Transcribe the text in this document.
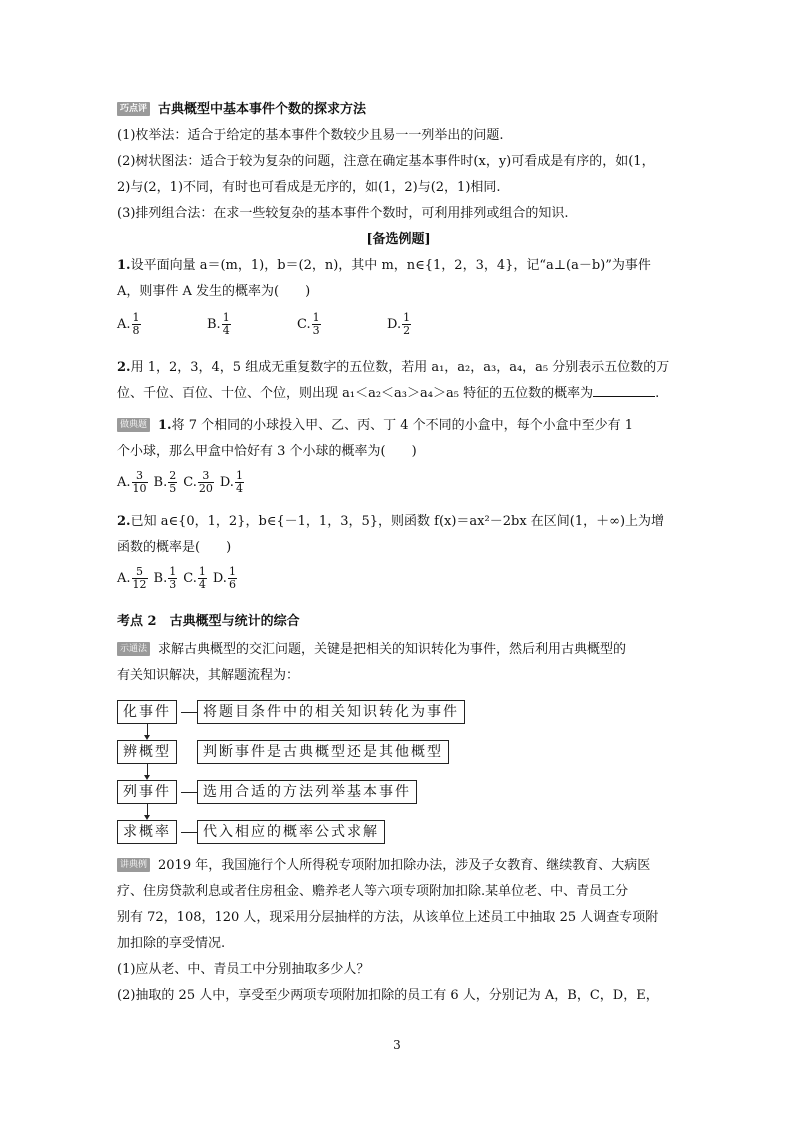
巧点评 古典概型中基本事件个数的探求方法
(1)枚举法：适合于给定的基本事件个数较少且易一一列举出的问题.
(2)树状图法：适合于较为复杂的问题，注意在确定基本事件时(x，y)可看成是有序的，如(1，
2)与(2，1)不同，有时也可看成是无序的，如(1，2)与(2，1)相同.
(3)排列组合法：在求一些较复杂的基本事件个数时，可利用排列或组合的知识.
[备选例题]
1.设平面向量 a＝(m，1)，b＝(2，n)，其中 m，n∈{1，2，3，4}，记“a⊥(a－b)”为事件
A，则事件 A 发生的概率为(　　)
A. $\frac{1}{8}$	B. $\frac{1}{4}$	C. $\frac{1}{3}$	D. $\frac{1}{2}$
2.用 1，2，3，4，5 组成无重复数字的五位数，若用 a₁，a₂，a₃，a₄，a₅ 分别表示五位数的万
位、千位、百位、十位、个位，则出现 a₁＜a₂＜a₃＞a₄＞a₅ 特征的五位数的概率为	.
做典题 1.将 7 个相同的小球投入甲、乙、丙、丁 4 个不同的小盒中，每个小盒中至少有 1
个小球，那么甲盒中恰好有 3 个小球的概率为(　　)
A. $\frac{3}{10} B$. $\frac{2}{5} C$. $\frac{3}{20} D$. $\frac{1}{4}$
2.已知 a∈{0，1，2}，b∈{－1，1，3，5}，则函数 f(x)＝ax²－2bx 在区间(1，＋∞)上为增
函数的概率是(　　)
A. $\frac{5}{12} B$. $\frac{1}{3} C$. $\frac{1}{4} D$. $\frac{1}{6}$
考点 2　古典概型与统计的综合
示通法 求解古典概型的交汇问题，关键是把相关的知识转化为事件，然后利用古典概型的
有关知识解决，其解题流程为：
化事件	将题目条件中的相关知识转化为事件
辨概型	判断事件是古典概型还是其他概型
列事件	选用合适的方法列举基本事件
求概率	代入相应的概率公式求解
讲典例 2019 年，我国施行个人所得税专项附加扣除办法，涉及子女教育、继续教育、大病医
疗、住房贷款利息或者住房租金、赡养老人等六项专项附加扣除.某单位老、中、青员工分
别有 72，108，120 人，现采用分层抽样的方法，从该单位上述员工中抽取 25 人调查专项附
加扣除的享受情况.
(1)应从老、中、青员工中分别抽取多少人？
(2)抽取的 25 人中，享受至少两项专项附加扣除的员工有 6 人，分别记为 A，B，C，D，E，
3
